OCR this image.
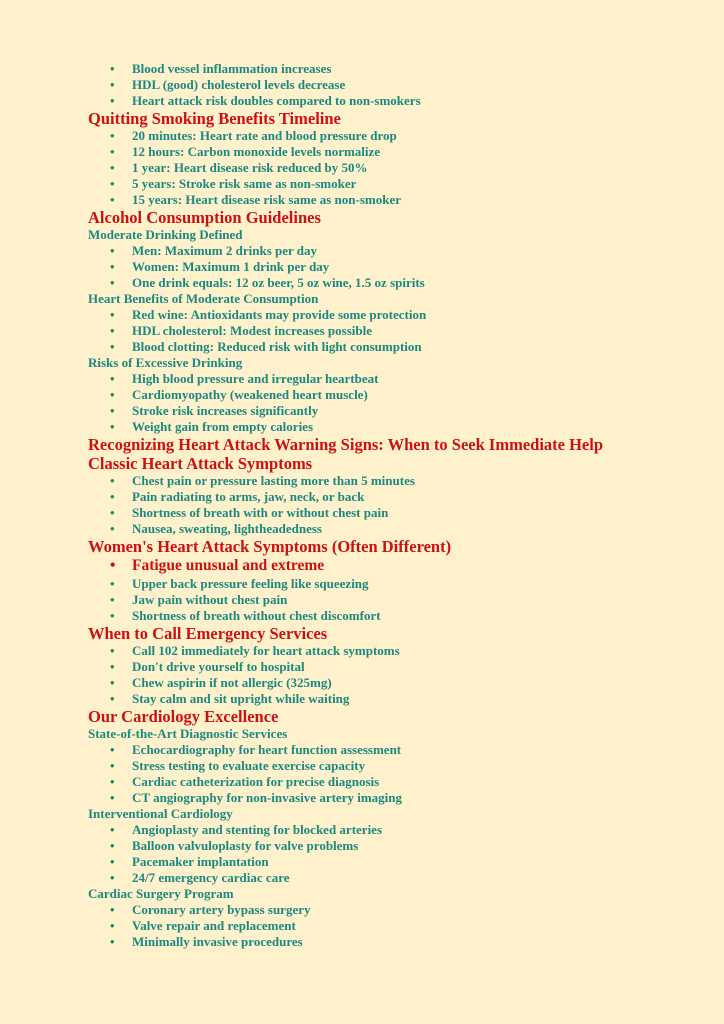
• Blood vessel inflammation increases
• HDL (good) cholesterol levels decrease
• Heart attack risk doubles compared to non-smokers
Quitting Smoking Benefits Timeline
• 20 minutes: Heart rate and blood pressure drop
• 12 hours: Carbon monoxide levels normalize
• 1 year: Heart disease risk reduced by 50%
• 5 years: Stroke risk same as non-smoker
• 15 years: Heart disease risk same as non-smoker
Alcohol Consumption Guidelines
Moderate Drinking Defined
• Men: Maximum 2 drinks per day
• Women: Maximum 1 drink per day
• One drink equals: 12 oz beer, 5 oz wine, 1.5 oz spirits
Heart Benefits of Moderate Consumption
• Red wine: Antioxidants may provide some protection
• HDL cholesterol: Modest increases possible
• Blood clotting: Reduced risk with light consumption
Risks of Excessive Drinking
• High blood pressure and irregular heartbeat
• Cardiomyopathy (weakened heart muscle)
• Stroke risk increases significantly
• Weight gain from empty calories
Recognizing Heart Attack Warning Signs: When to Seek Immediate Help
Classic Heart Attack Symptoms
• Chest pain or pressure lasting more than 5 minutes
• Pain radiating to arms, jaw, neck, or back
• Shortness of breath with or without chest pain
• Nausea, sweating, lightheadedness
Women's Heart Attack Symptoms (Often Different)
• Fatigue unusual and extreme
• Upper back pressure feeling like squeezing
• Jaw pain without chest pain
• Shortness of breath without chest discomfort
When to Call Emergency Services
• Call 102 immediately for heart attack symptoms
• Don't drive yourself to hospital
• Chew aspirin if not allergic (325mg)
• Stay calm and sit upright while waiting
Our Cardiology Excellence
State-of-the-Art Diagnostic Services
• Echocardiography for heart function assessment
• Stress testing to evaluate exercise capacity
• Cardiac catheterization for precise diagnosis
• CT angiography for non-invasive artery imaging
Interventional Cardiology
• Angioplasty and stenting for blocked arteries
• Balloon valvuloplasty for valve problems
• Pacemaker implantation
• 24/7 emergency cardiac care
Cardiac Surgery Program
• Coronary artery bypass surgery
• Valve repair and replacement
• Minimally invasive procedures
